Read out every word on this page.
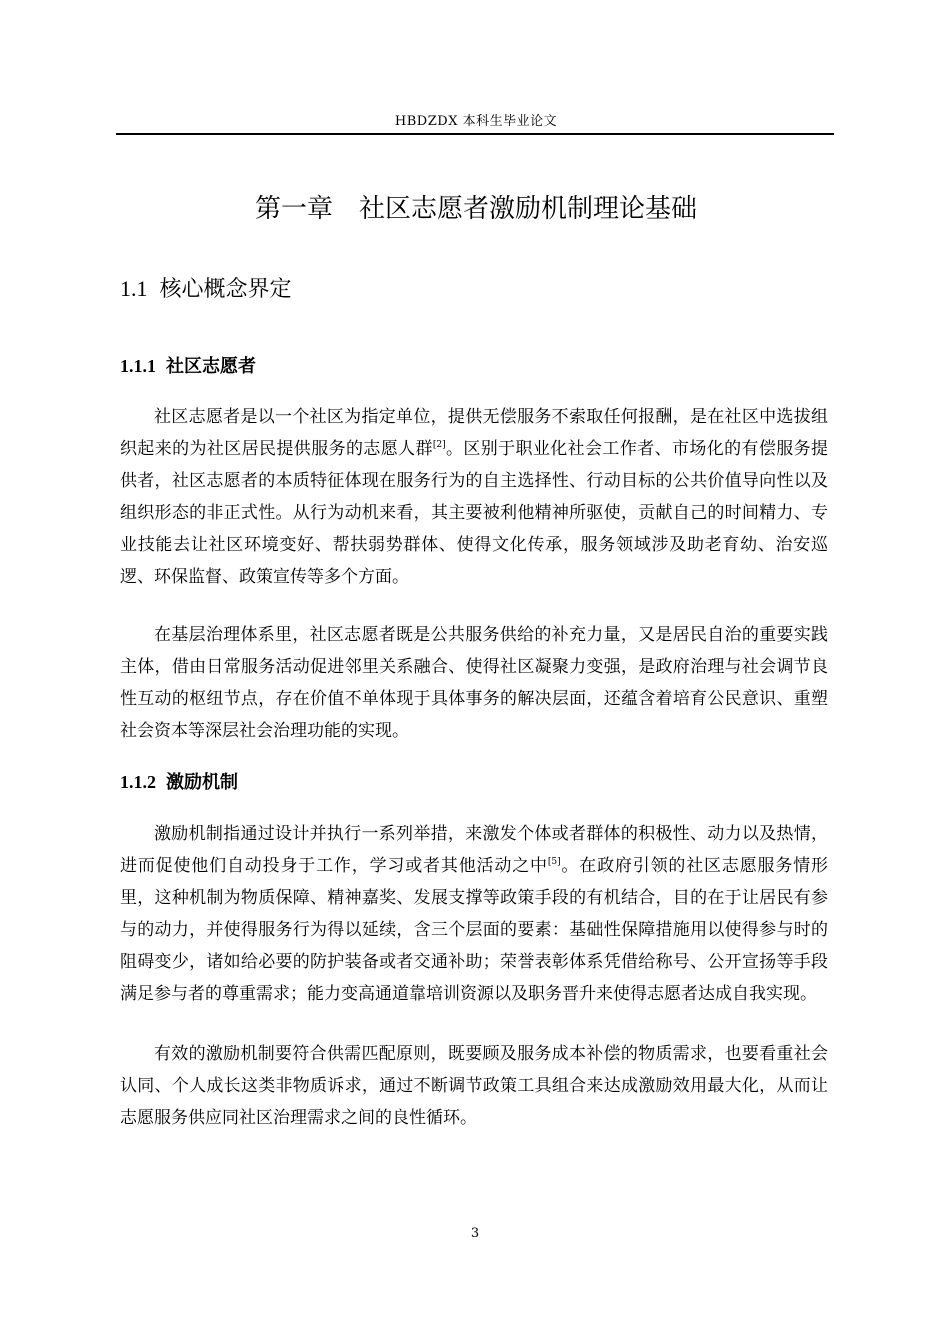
HBDZDX 本科生毕业论文
第一章 社区志愿者激励机制理论基础
1.1 核心概念界定
1.1.1 社区志愿者
社区志愿者是以一个社区为指定单位，提供无偿服务不索取任何报酬，是在社区中选拔组织起来的为社区居民提供服务的志愿人群[2]。区别于职业化社会工作者、市场化的有偿服务提供者，社区志愿者的本质特征体现在服务行为的自主选择性、行动目标的公共价值导向性以及组织形态的非正式性。从行为动机来看，其主要被利他精神所驱使，贡献自己的时间精力、专业技能去让社区环境变好、帮扶弱势群体、使得文化传承，服务领域涉及助老育幼、治安巡逻、环保监督、政策宣传等多个方面。
在基层治理体系里，社区志愿者既是公共服务供给的补充力量，又是居民自治的重要实践主体，借由日常服务活动促进邻里关系融合、使得社区凝聚力变强，是政府治理与社会调节良性互动的枢纽节点，存在价值不单体现于具体事务的解决层面，还蕴含着培育公民意识、重塑社会资本等深层社会治理功能的实现。
1.1.2 激励机制
激励机制指通过设计并执行一系列举措，来激发个体或者群体的积极性、动力以及热情，进而促使他们自动投身于工作，学习或者其他活动之中[5]。在政府引领的社区志愿服务情形里，这种机制为物质保障、精神嘉奖、发展支撑等政策手段的有机结合，目的在于让居民有参与的动力，并使得服务行为得以延续，含三个层面的要素：基础性保障措施用以使得参与时的阻碍变少，诸如给必要的防护装备或者交通补助；荣誉表彰体系凭借给称号、公开宣扬等手段满足参与者的尊重需求；能力变高通道靠培训资源以及职务晋升来使得志愿者达成自我实现。
有效的激励机制要符合供需匹配原则，既要顾及服务成本补偿的物质需求，也要看重社会认同、个人成长这类非物质诉求，通过不断调节政策工具组合来达成激励效用最大化，从而让志愿服务供应同社区治理需求之间的良性循环。
3
